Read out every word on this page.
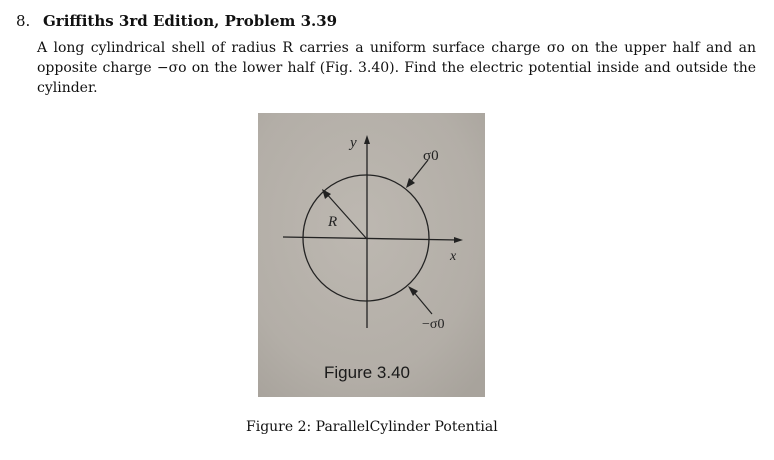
8. Griffiths 3rd Edition, Problem 3.39
A long cylindrical shell of radius R carries a uniform surface charge σo on the upper half and an opposite charge −σo on the lower half (Fig. 3.40). Find the electric potential inside and outside the cylinder.
y
x
R
σ0
−σ0
Figure 3.40
Figure 2: ParallelCylinder Potential
